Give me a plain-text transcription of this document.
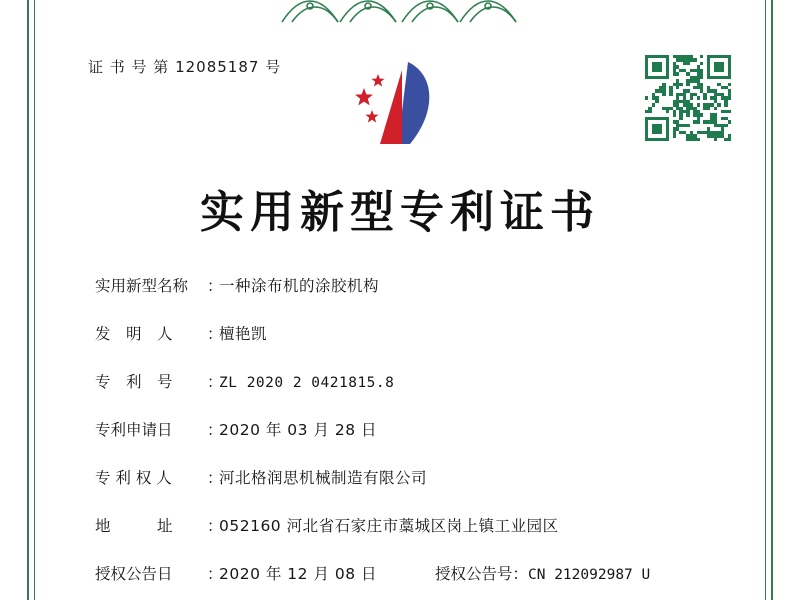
证 书 号 第 12085187 号
实用新型专利证书
实用新型名称 ：一种涂布机的涂胶机构
发　明　人 ：檀艳凯
专　利　号 ：ZL 2020 2 0421815.8
专利申请日 ：2020 年 03 月 28 日
专 利 权 人 ：河北格润思机械制造有限公司
地　　　址 ：052160 河北省石家庄市藁城区岗上镇工业园区
授权公告日 ：2020 年 12 月 08 日	授权公告号：CN 212092987 U
